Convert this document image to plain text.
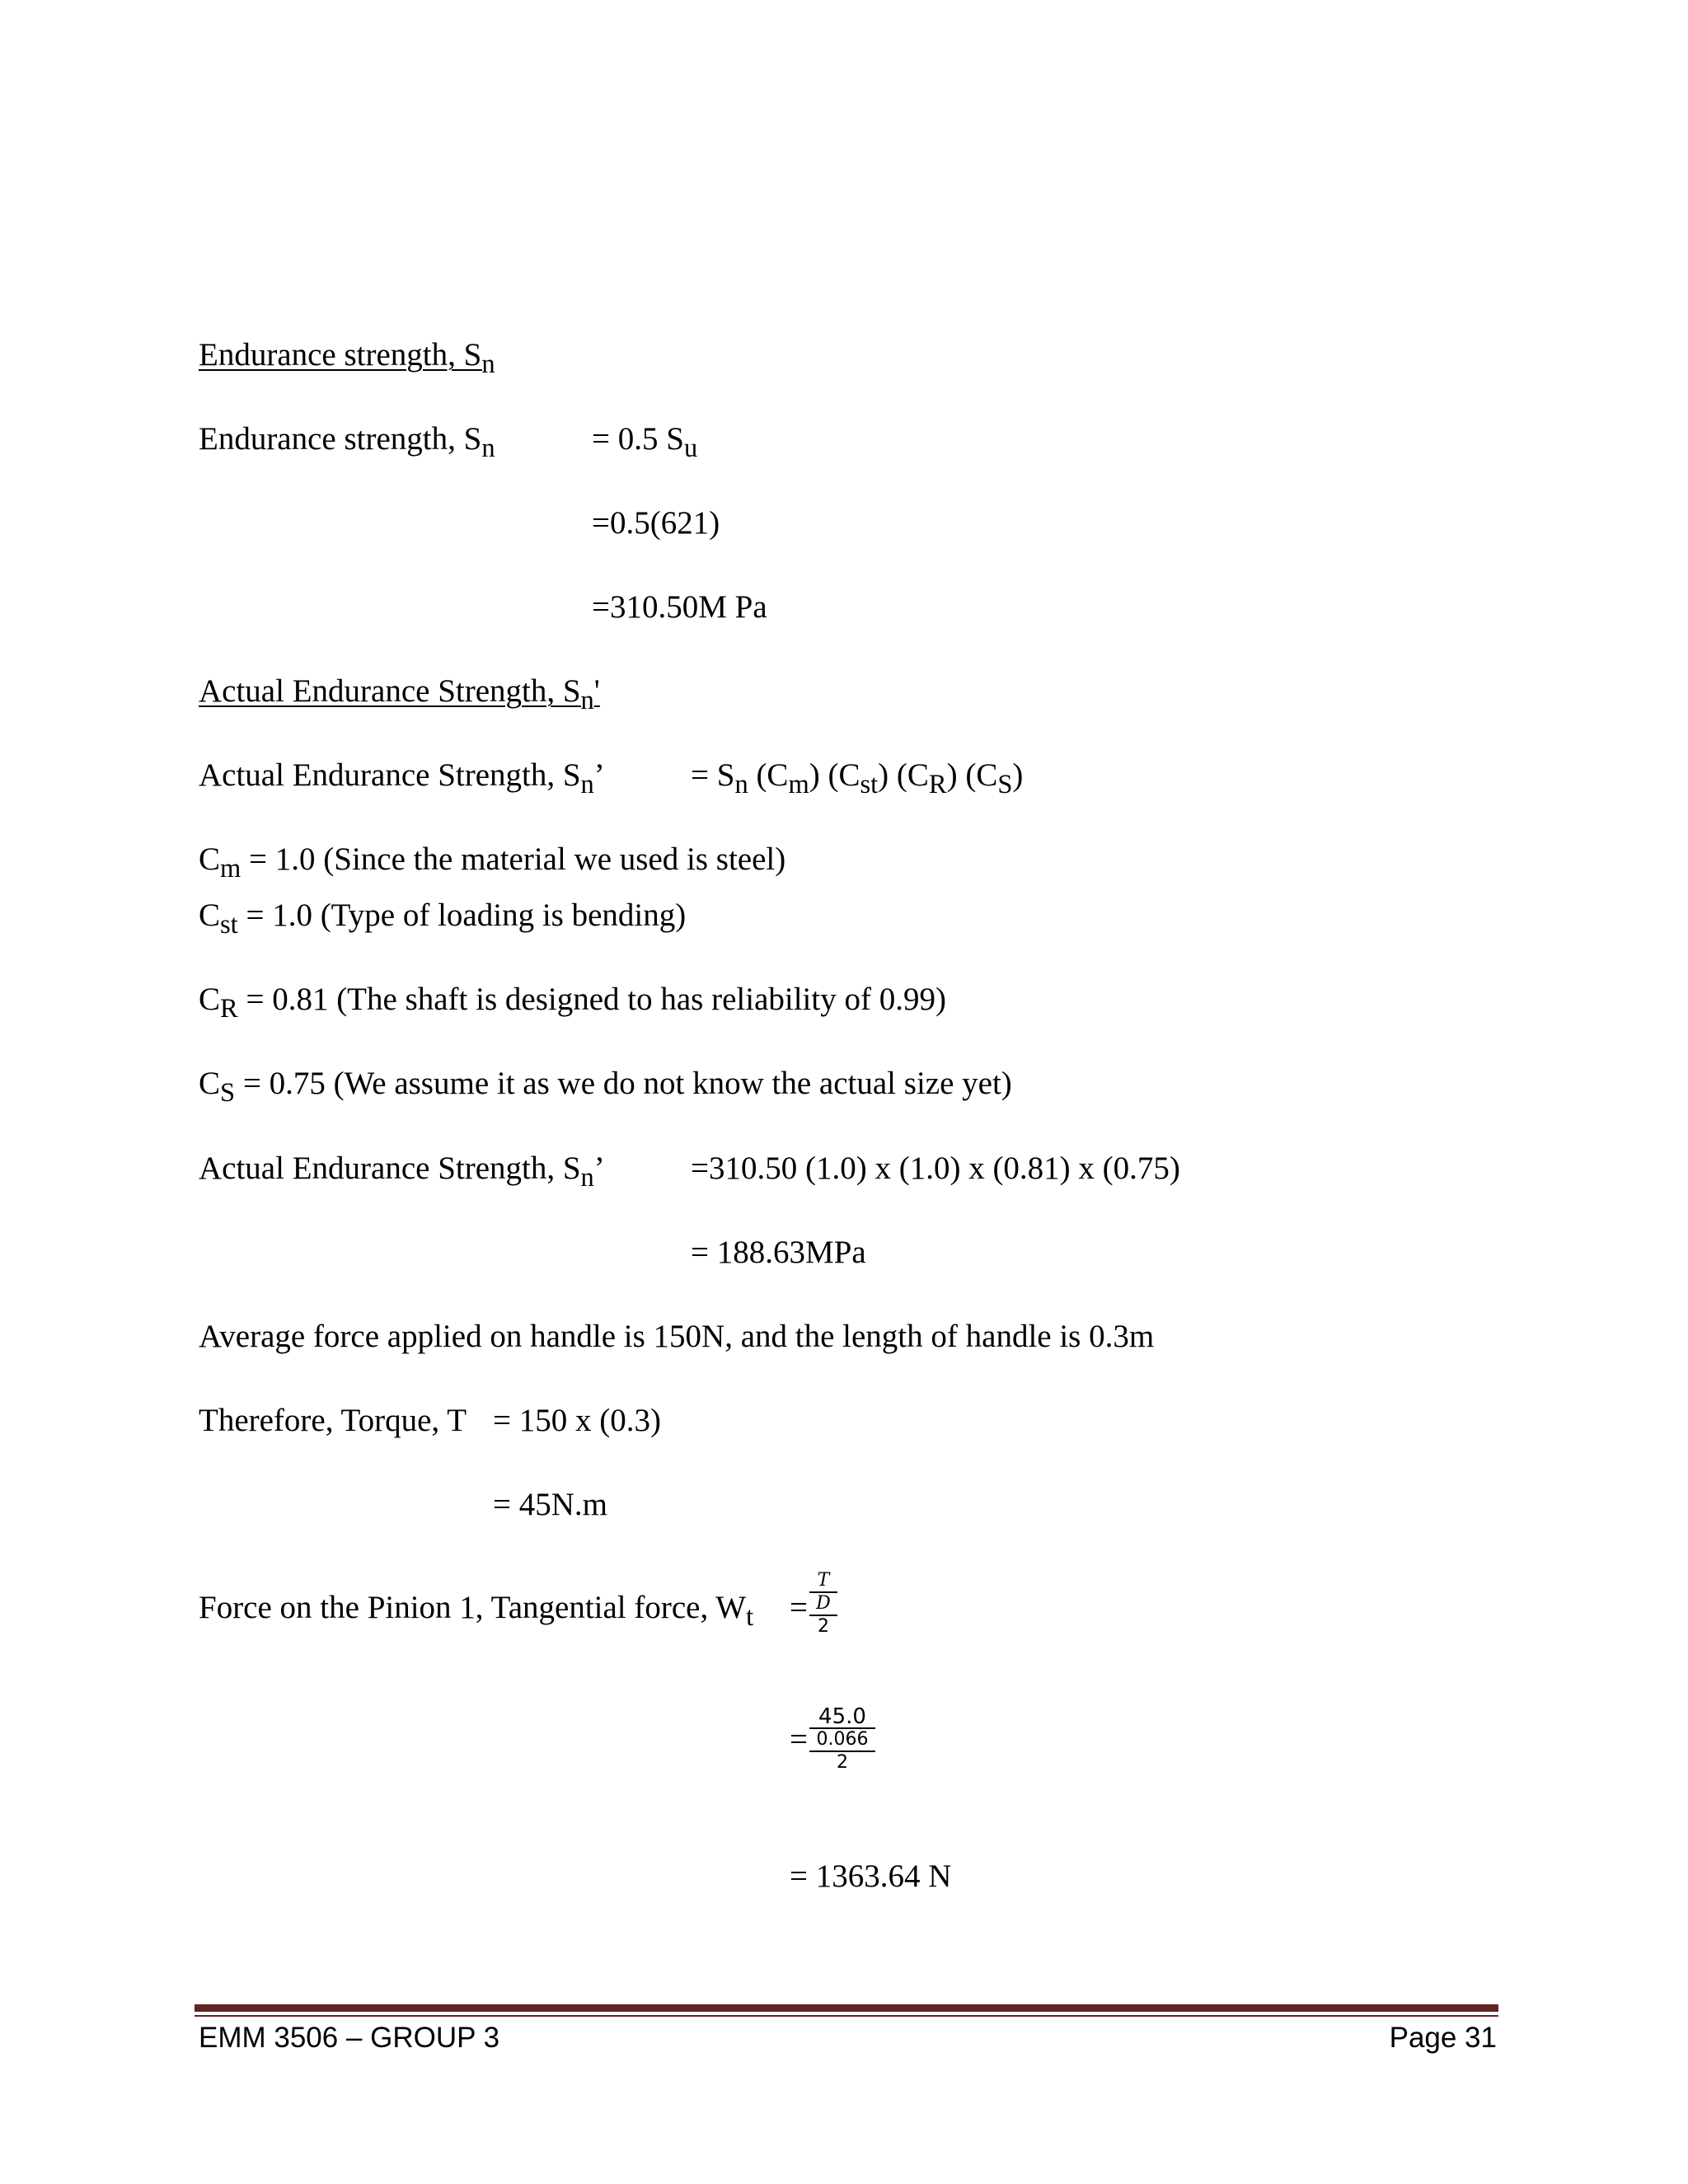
Endurance strength, $S_n$
Endurance strength, $S_n$	= 0.5 $S_u$
=0.5(621)
=310.50M Pa
Actual Endurance Strength, $S_n'$
Actual Endurance Strength, $S_n$’	= $S_n$ $(C_m)$ $(C_{st})$ $(C_R)$ $(C_S)$
$C_m = 1.0$ (Since the material we used is steel)
$C_{st} = 1.0$ (Type of loading is bending)
$C_R = 0.81$ (The shaft is designed to has reliability of 0.99)
$C_S = 0.75$ (We assume it as we do not know the actual size yet)
Actual Endurance Strength, $S_n$’	=310.50 (1.0) x (1.0) x (0.81) x (0.75)
= 188.63MPa
Average force applied on handle is 150N, and the length of handle is 0.3m
Therefore, Torque, T = 150 x (0.3)
= 45N.m
Force on the Pinion 1, Tangential force, $W_t$ =
T
D
2
=
45.0
0.066
2
= 1363.64 N
EMM 3506 – GROUP 3	Page 31
